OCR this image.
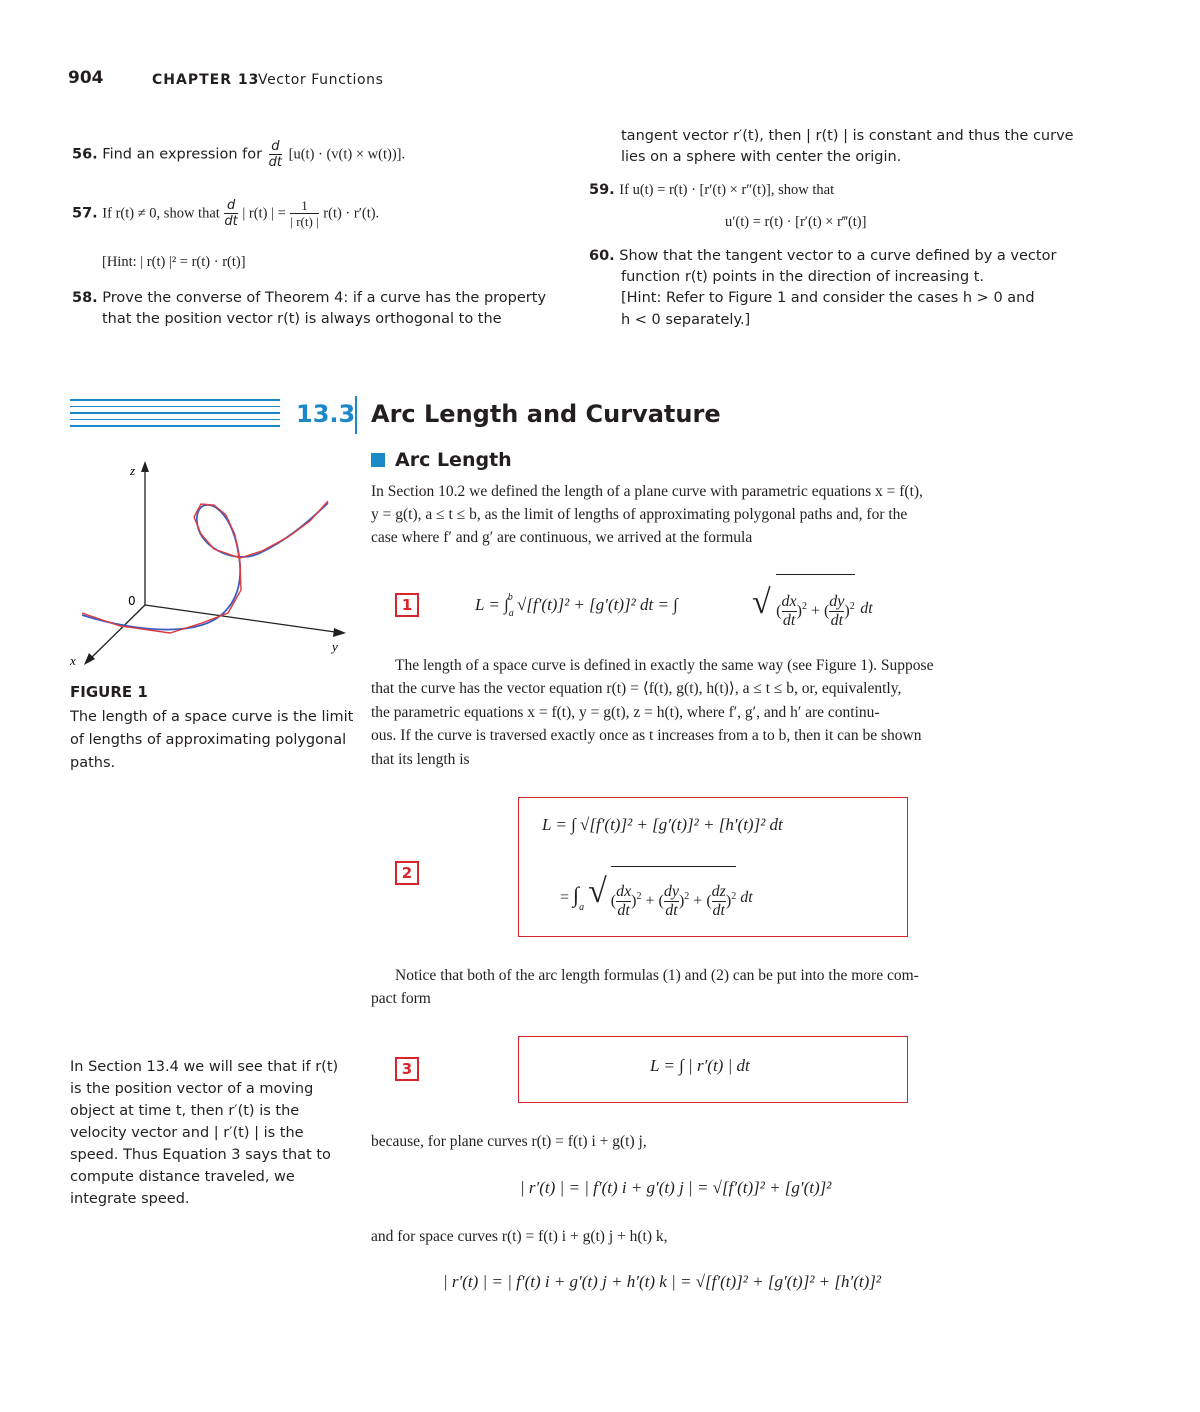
904	CHAPTER 13
Vector Functions
56. Find an expression for $\frac{d}{dt} [u(t) \cdot (v(t) \times w(t))]$.
57. If r(t) ≠ 0, show that $\frac{d}{dt}$ | r(t) | = $\frac{1}{| r(t) |} r(t) \cdot r'(t)$.
[Hint: | r(t) |² = r(t) · r(t)]
58. Prove the converse of Theorem 4: if a curve has the property
that the position vector r(t) is always orthogonal to the
tangent vector r′(t), then | r(t) | is constant and thus the curve
lies on a sphere with center the origin.
59. If u(t) = r(t) · [r′(t) × r″(t)], show that
u′(t) = r(t) · [r′(t) × r‴(t)]
60. Show that the tangent vector to a curve defined by a vector
function r(t) points in the direction of increasing t.
[Hint: Refer to Figure 1 and consider the cases h > 0 and
h < 0 separately.]
13.3 Arc Length and Curvature
Arc Length
z
y
x
0
FIGURE 1
The length of a space curve is the limit
of lengths of approximating polygonal
paths.
In Section 10.2 we defined the length of a plane curve with parametric equations x = f(t),
y = g(t), a ≤ t ≤ b, as the limit of lengths of approximating polygonal paths and, for the
case where f′ and g′ are continuous, we arrived at the formula
1	$L = \int_a^b$ √[f′(t)]² + [g′(t)]² dt = ∫ √ ( $\frac{dx}{dt} )^2$ + ( $\frac{dy}{dt} )^2$ dt
The length of a space curve is defined in exactly the same way (see Figure 1). Suppose
that the curve has the vector equation r(t) = ⟨f(t), g(t), h(t)⟩, a ≤ t ≤ b, or, equivalently,
the parametric equations x = f(t), y = g(t), z = h(t), where f′, g′, and h′ are continu-
ous. If the curve is traversed exactly once as t increases from a to b, then it can be shown
that its length is
2
L = ∫ √[f′(t)]² + [g′(t)]² + [h′(t)]² dt
= $\int_a$ √ ( $\frac{dx}{dt} )^2$ + ( $\frac{dy}{dt} )^2$ + ( $\frac{dz}{dt} )^2$ dt
Notice that both of the arc length formulas (1) and (2) can be put into the more com-
pact form
3	L = ∫ | r′(t) | dt
In Section 13.4 we will see that if r(t)
is the position vector of a moving
object at time t, then r′(t) is the
velocity vector and | r′(t) | is the
speed. Thus Equation 3 says that to
compute distance traveled, we
integrate speed.
because, for plane curves r(t) = f(t) i + g(t) j,
| r′(t) | = | f′(t) i + g′(t) j | = √[f′(t)]² + [g′(t)]²
and for space curves r(t) = f(t) i + g(t) j + h(t) k,
| r′(t) | = | f′(t) i + g′(t) j + h′(t) k | = √[f′(t)]² + [g′(t)]² + [h′(t)]²
